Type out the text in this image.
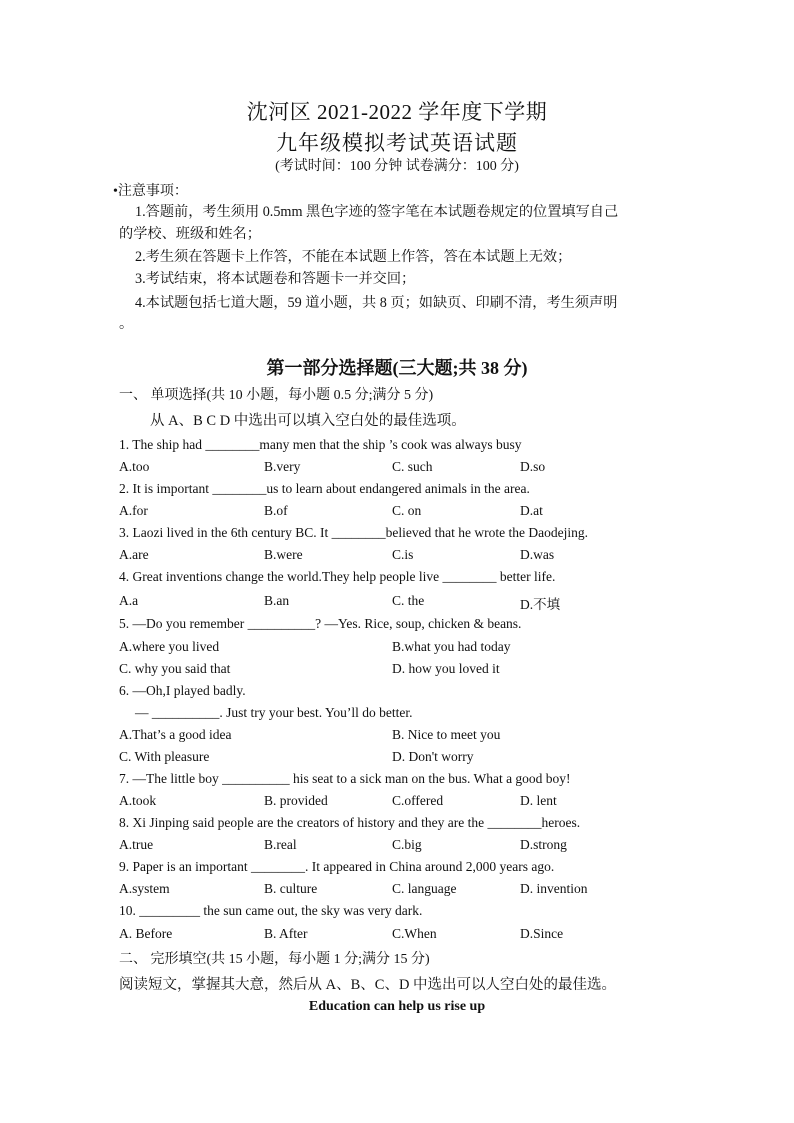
沈河区 2021-2022 学年度下学期
九年级模拟考试英语试题
(考试时间：100 分钟 试卷满分：100 分)
•注意事项：
1.答题前，考生须用 0.5mm 黑色字迹的签字笔在本试题卷规定的位置填写自己
的学校、班级和姓名；
2.考生须在答题卡上作答，不能在本试题上作答，答在本试题上无效；
3.考试结束，将本试题卷和答题卡一并交回；
4.本试题包括七道大题，59 道小题，共 8 页；如缺页、印刷不清，考生须声明
。
第一部分选择题(三大题;共 38 分)
一、 单项选择(共 10 小题，每小题 0.5 分;满分 5 分)
从 A、B C D 中选出可以填入空白处的最佳选项。
1. The ship had ________many men that the ship ’s cook was always busy
A.too	B.very	C. such	D.so
2. It is important ________us to learn about endangered animals in the area.
A.for	B.of	C. on	D.at
3. Laozi lived in the 6th century BC. It ________believed that he wrote the Daodejing.
A.are	B.were	C.is	D.was
4. Great inventions change the world.They help people live ________ better life.
A.a	B.an	C. the	D.不填
5. —Do you remember __________? —Yes. Rice, soup, chicken & beans.
A.where you lived	B.what you had today
C. why you said that	D. how you loved it
6. —Oh,I played badly.
— __________. Just try your best. You’ll do better.
A.That’s a good idea	B. Nice to meet you
C. With pleasure	D. Don't worry
7. —The little boy __________ his seat to a sick man on the bus. What a good boy!
A.took	B. provided	C.offered	D. lent
8. Xi Jinping said people are the creators of history and they are the ________heroes.
A.true	B.real	C.big	D.strong
9. Paper is an important ________. It appeared in China around 2,000 years ago.
A.system	B. culture	C. language	D. invention
10. _________ the sun came out, the sky was very dark.
A. Before	B. After	C.When	D.Since
二、 完形填空(共 15 小题，每小题 1 分;满分 15 分)
阅读短文，掌握其大意，然后从 A、B、C、D 中选出可以人空白处的最佳选。
Education can help us rise up
